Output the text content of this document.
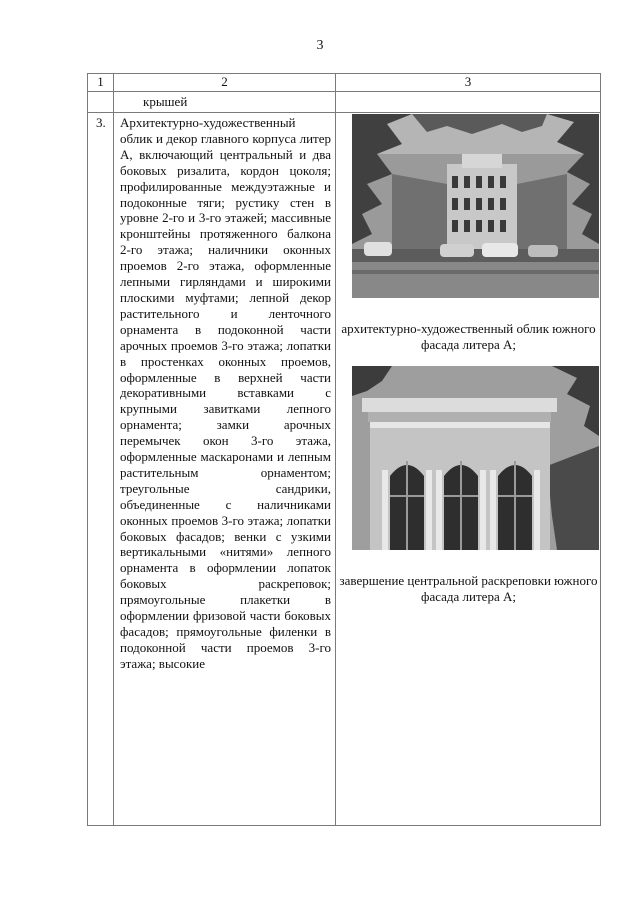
3
1	2	3

	крышей	

3.	Архитектурно-художественный облик и декор главного корпуса литер А, включающий центральный и два боковых ризалита, кордон цоколя; профилированные междуэтажные и подоконные тяги; рустику стен в уровне 2-го и 3-го этажей; массивные кронштейны протяженного балкона 2-го этажа; наличники оконных проемов 2-го этажа, оформленные лепными гирляндами и широкими плоскими муфтами; лепной декор растительного и ленточного орнамента в подоконной части арочных проемов 3-го этажа; лопатки в простенках оконных проемов, оформленные в верхней части декоративными вставками с крупными завитками лепного орнамента; замки арочных перемычек окон 3-го этажа, оформленные маскаронами и лепным растительным орнаментом; треугольные сандрики, объединенные с наличниками оконных проемов 3-го этажа; лопатки боковых фасадов; венки с узкими вертикальными «нитями» лепного орнамента в оформлении лопаток боковых раскреповок; прямоугольные плакетки в оформлении фризовой части боковых фасадов; прямоугольные филенки в подоконной части проемов 3-го этажа; высокие	архитектурно-художественный облик южного фасада литера А;
завершение центральной раскреповки южного фасада литера А;
